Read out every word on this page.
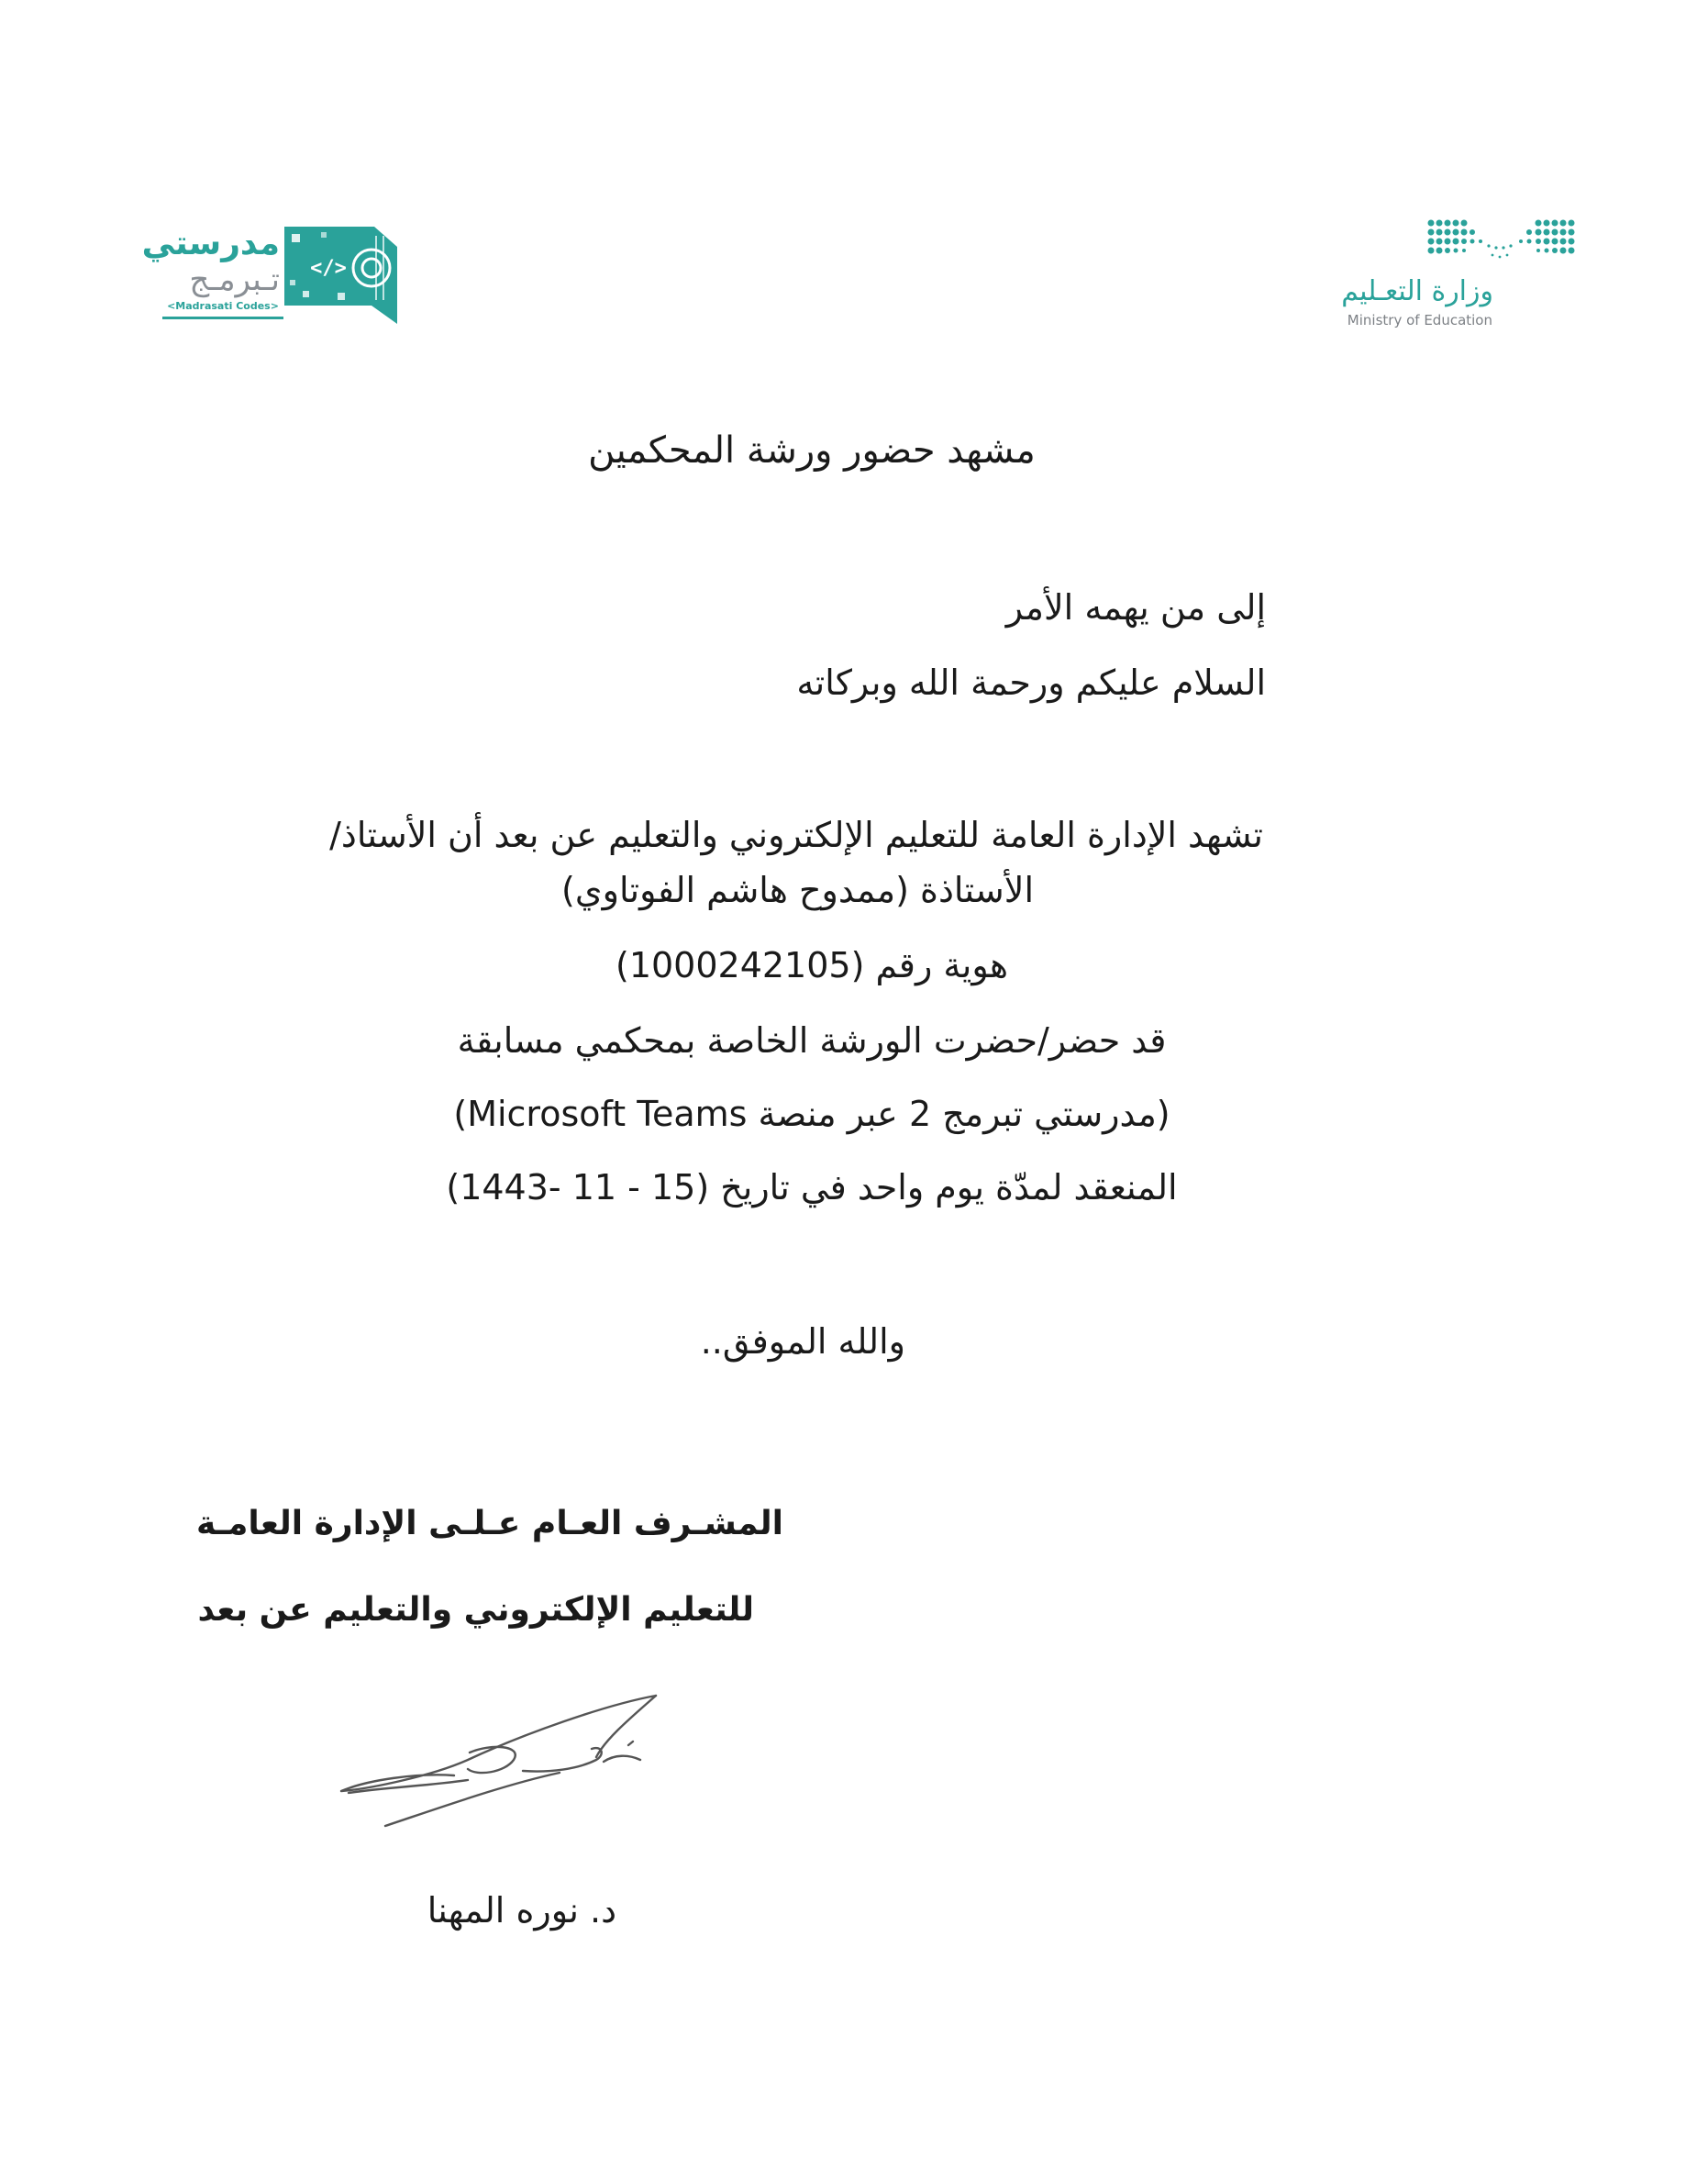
مدرستي
تـبرمـج
<Madrasati Codes>
</>
وزارة التعـليم
Ministry of Education
مشهد حضور ورشة المحكمين
إلى من يهمه الأمر
السلام عليكم ورحمة الله وبركاته
تشهد الإدارة العامة للتعليم الإلكتروني والتعليم عن بعد أن الأستاذ/
الأستاذة (ممدوح هاشم الفوتاوي)
هوية رقم (1000242105)
قد حضر/حضرت الورشة الخاصة بمحكمي مسابقة
(مدرستي تبرمج 2 عبر منصة Microsoft Teams)
المنعقد لمدّة يوم واحد في تاريخ (15 - 11 -1443)
والله الموفق..
المشـرف العـام عـلـى الإدارة العامـة
للتعليم الإلكتروني والتعليم عن بعد
د. نوره المهنا
